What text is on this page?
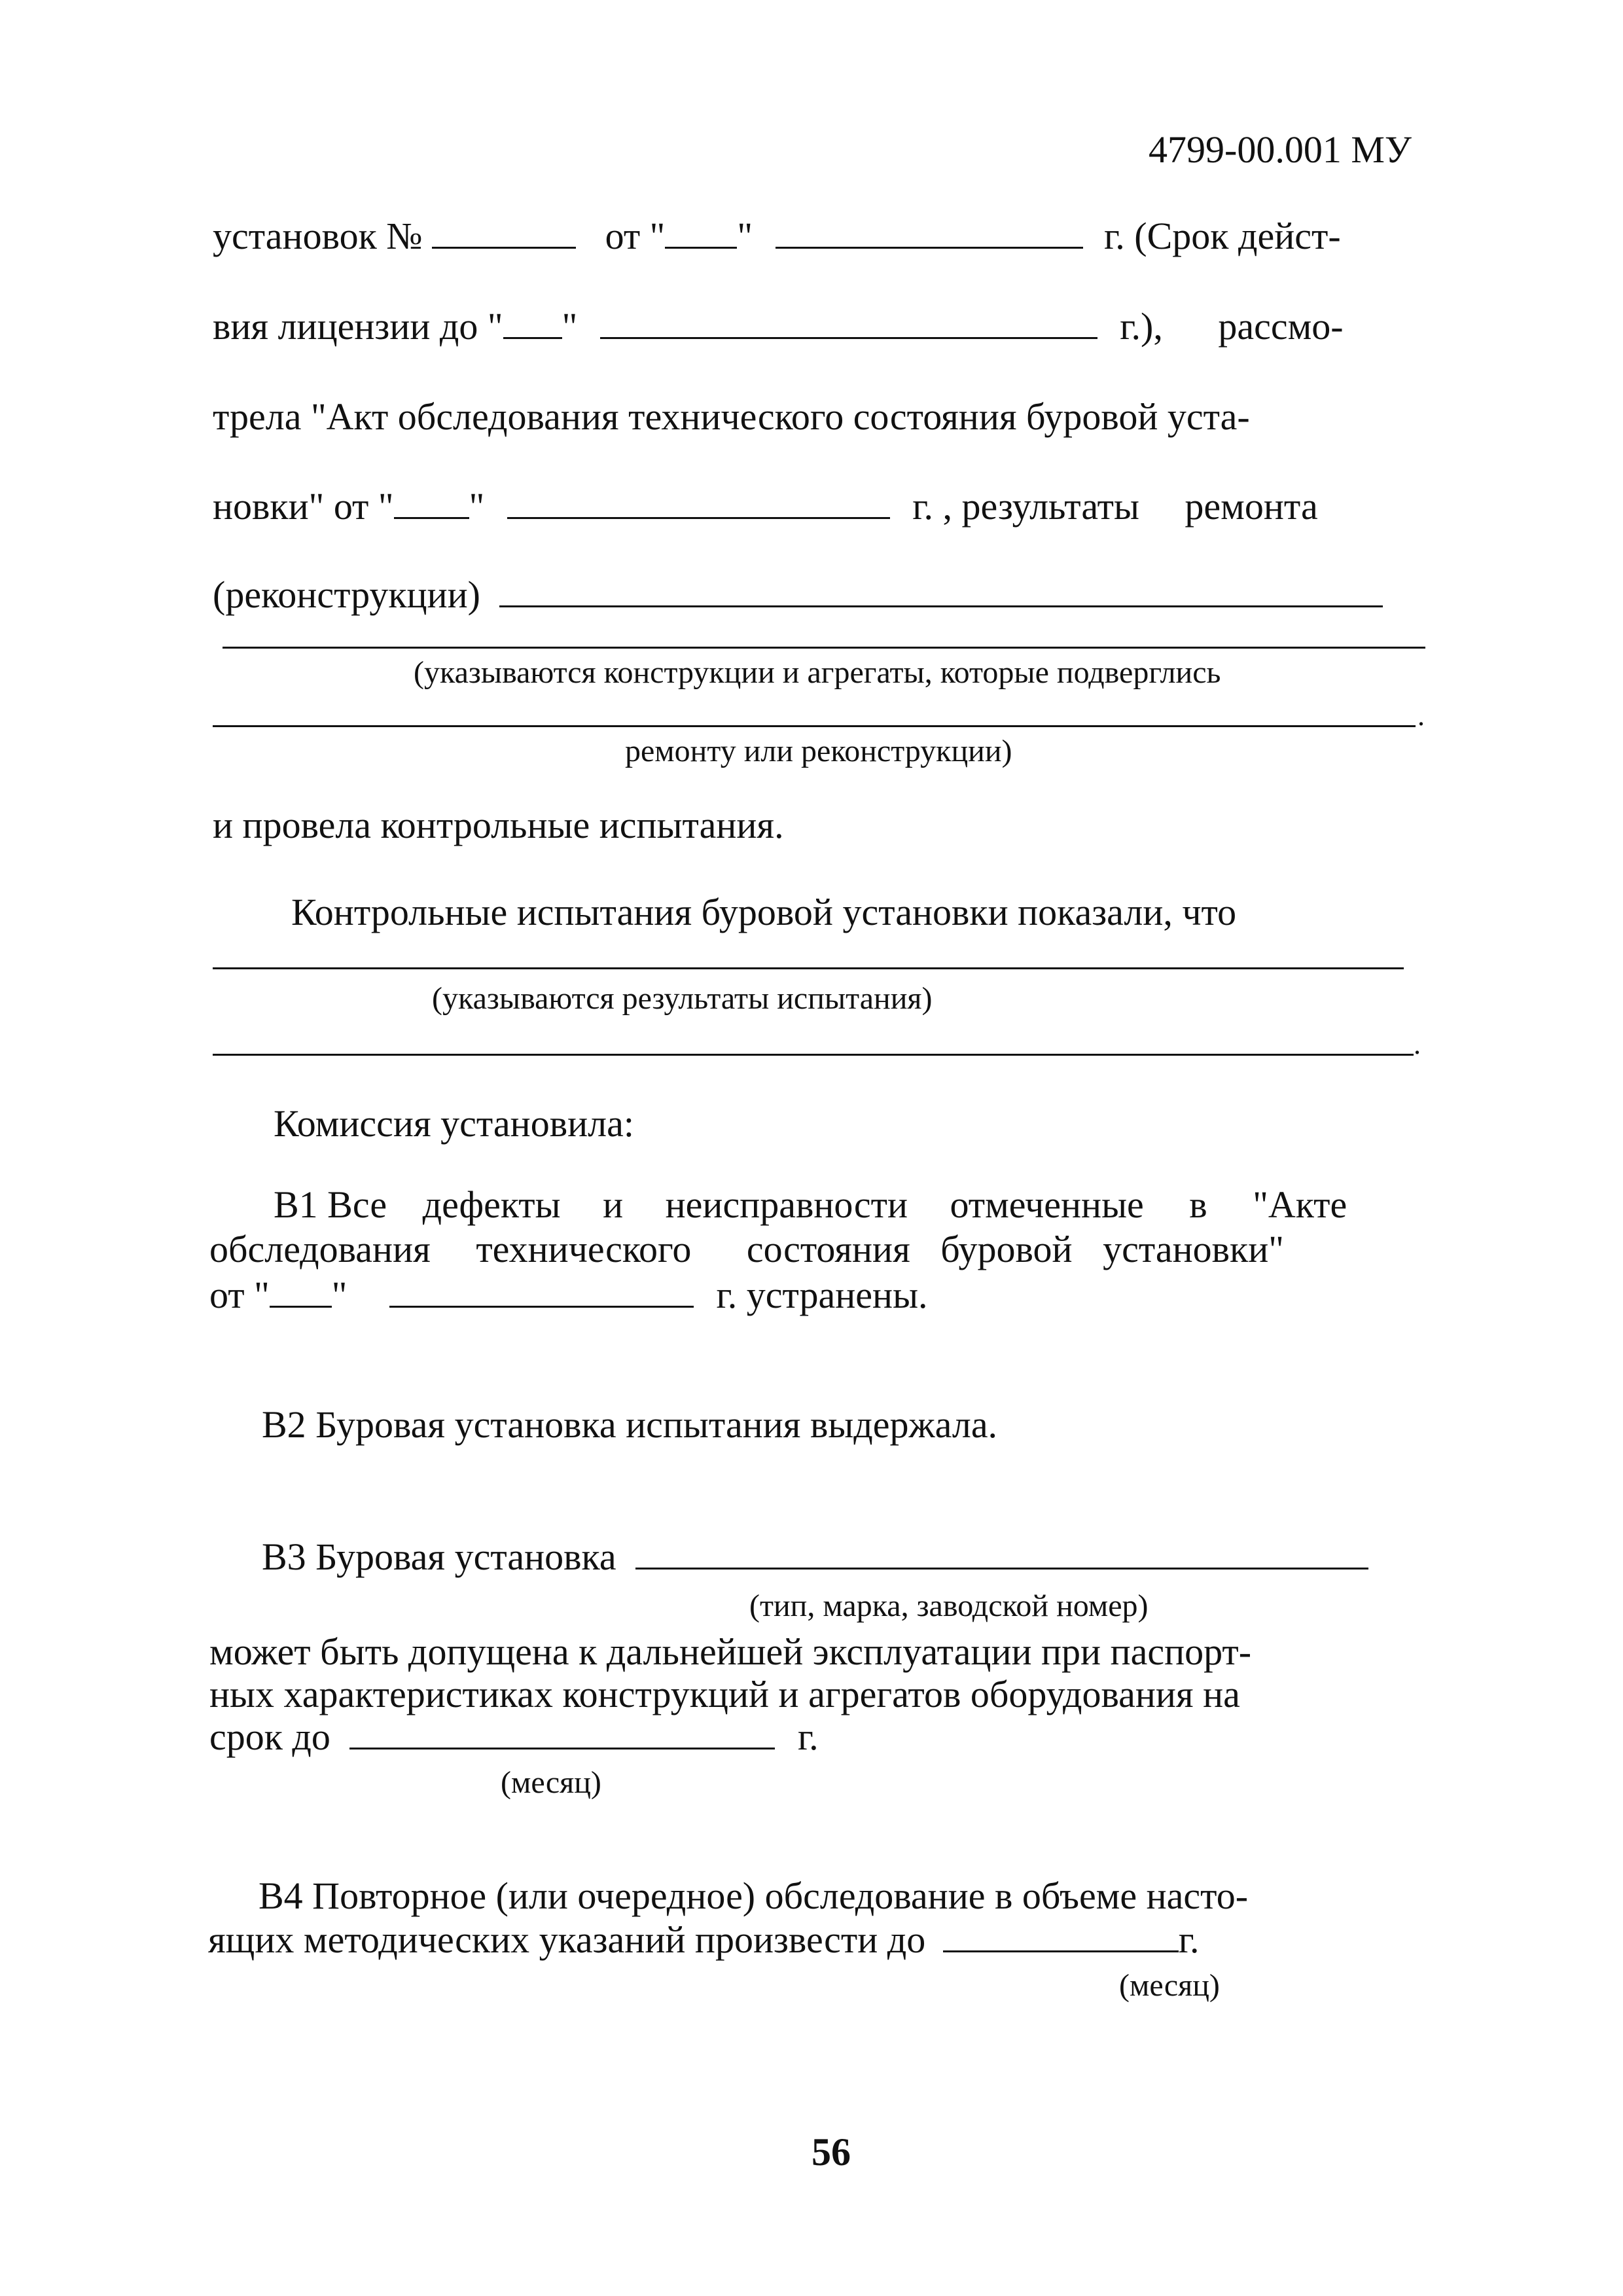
4799-00.001 МУ
установок №	от " "	г. (Срок дейст-
вия лицензии до " "	г.), рассмо-
трела "Акт обследования технического состояния буровой уста-
новки" от " "	г. , результаты ремонта
(реконструкции)
(указываются конструкции и агрегаты, которые подверглись
.
ремонту или реконструкции)
и провела контрольные испытания.
Контрольные испытания буровой установки показали, что
(указываются результаты испытания)
.
Комиссия установила:
В1 Все дефекты и неисправности отмеченные в "Акте
обследования технического состояния буровой установки"
от " "	г. устранены.
В2 Буровая установка испытания выдержала.
В3 Буровая установка
(тип, марка, заводской номер)
может быть допущена к дальнейшей эксплуатации при паспорт-
ных характеристиках конструкций и агрегатов оборудования на
срок до	г.
(месяц)
В4 Повторное (или очередное) обследование в объеме насто-
ящих методических указаний произвести до	г.
(месяц)
56
